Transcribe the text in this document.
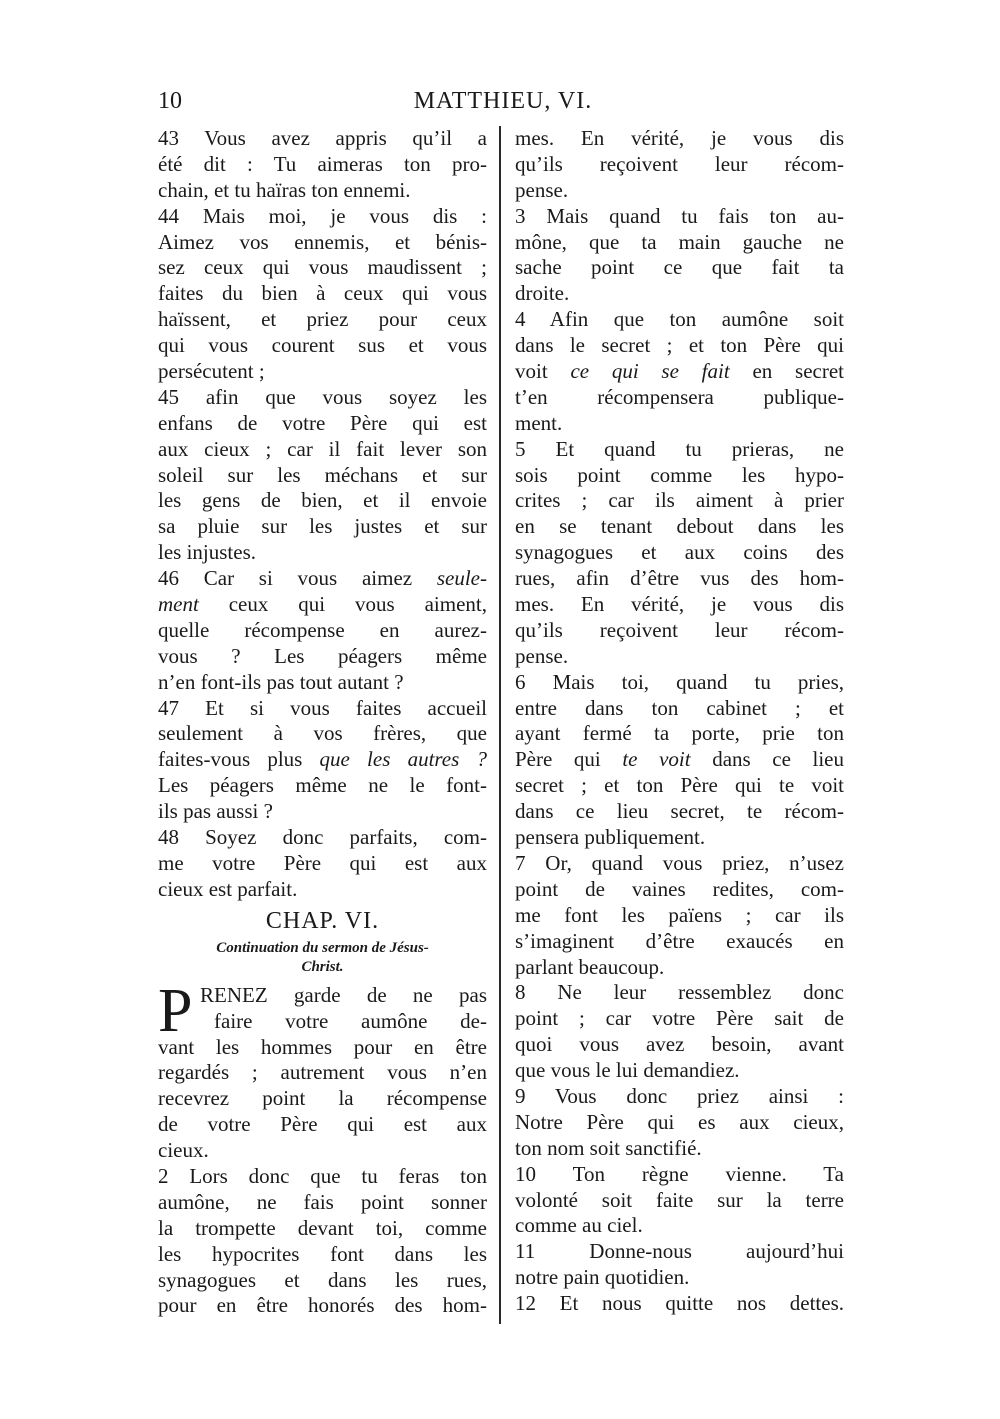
10	MATTHIEU, VI.
43 Vous avez appris qu’il a
été dit : Tu aimeras ton pro-
chain, et tu haïras ton ennemi.
44 Mais moi, je vous dis :
Aimez vos ennemis, et bénis-
sez ceux qui vous maudissent ;
faites du bien à ceux qui vous
haïssent, et priez pour ceux
qui vous courent sus et vous
persécutent ;
45 afin que vous soyez les
enfans de votre Père qui est
aux cieux ; car il fait lever son
soleil sur les méchans et sur
les gens de bien, et il envoie
sa pluie sur les justes et sur
les injustes.
46 Car si vous aimez seule-
ment ceux qui vous aiment,
quelle récompense en aurez-
vous ? Les péagers même
n’en font-ils pas tout autant ?
47 Et si vous faites accueil
seulement à vos frères, que
faites-vous plus que les autres ?
Les péagers même ne le font-
ils pas aussi ?
48 Soyez donc parfaits, com-
me votre Père qui est aux
cieux est parfait.
CHAP. VI.
Continuation du sermon de Jésus-
Christ.
P RENEZ garde de ne pas
faire votre aumône de-
vant les hommes pour en être
regardés ; autrement vous n’en
recevrez point la récompense
de votre Père qui est aux
cieux.
2 Lors donc que tu feras ton
aumône, ne fais point sonner
la trompette devant toi, comme
les hypocrites font dans les
synagogues et dans les rues,
pour en être honorés des hom-
mes. En vérité, je vous dis
qu’ils reçoivent leur récom-
pense.
3 Mais quand tu fais ton au-
mône, que ta main gauche ne
sache point ce que fait ta
droite.
4 Afin que ton aumône soit
dans le secret ; et ton Père qui
voit ce qui se fait en secret
t’en récompensera publique-
ment.
5 Et quand tu prieras, ne
sois point comme les hypo-
crites ; car ils aiment à prier
en se tenant debout dans les
synagogues et aux coins des
rues, afin d’être vus des hom-
mes. En vérité, je vous dis
qu’ils reçoivent leur récom-
pense.
6 Mais toi, quand tu pries,
entre dans ton cabinet ; et
ayant fermé ta porte, prie ton
Père qui te voit dans ce lieu
secret ; et ton Père qui te voit
dans ce lieu secret, te récom-
pensera publiquement.
7 Or, quand vous priez, n’usez
point de vaines redites, com-
me font les païens ; car ils
s’imaginent d’être exaucés en
parlant beaucoup.
8 Ne leur ressemblez donc
point ; car votre Père sait de
quoi vous avez besoin, avant
que vous le lui demandiez.
9 Vous donc priez ainsi :
Notre Père qui es aux cieux,
ton nom soit sanctifié.
10 Ton règne vienne. Ta
volonté soit faite sur la terre
comme au ciel.
11 Donne-nous aujourd’hui
notre pain quotidien.
12 Et nous quitte nos dettes.
